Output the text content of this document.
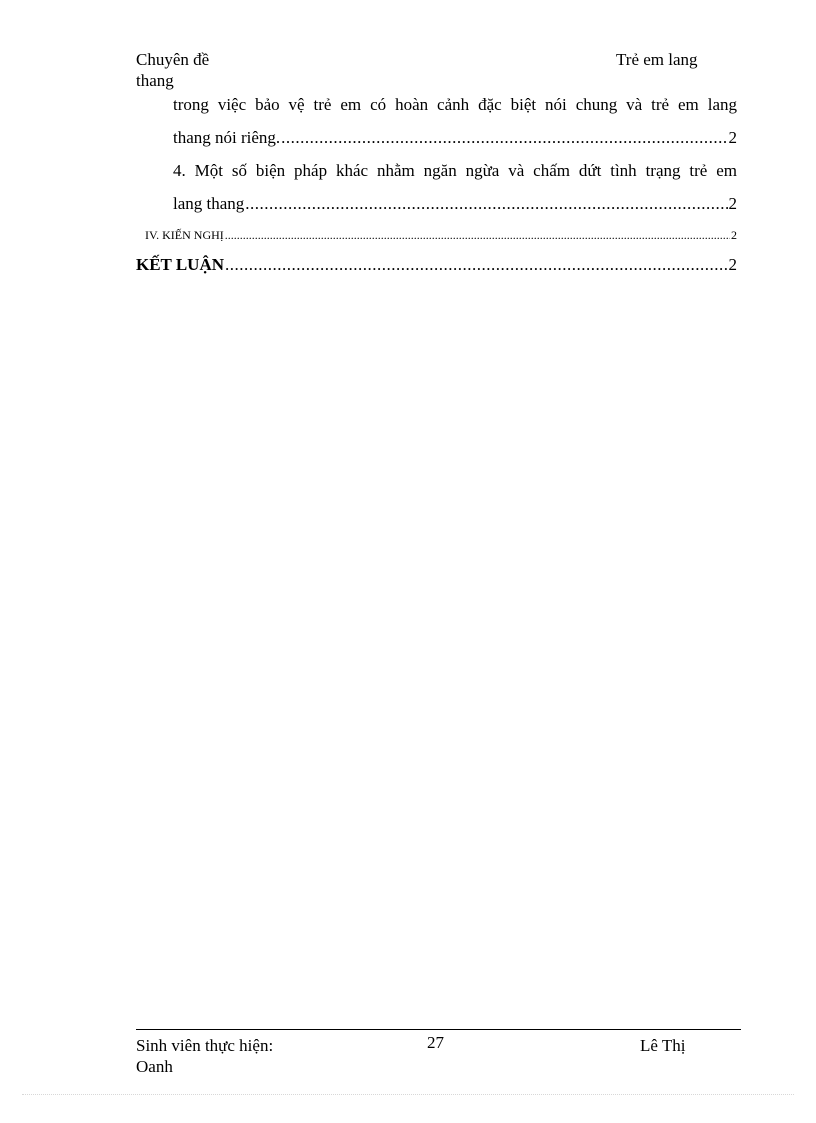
Chuyên đề	Trẻ em lang
thang
trong việc bảo vệ trẻ em có hoàn cảnh đặc biệt nói chung và trẻ em lang
thang nói riêng. .....	2
4. Một số biện pháp khác nhằm ngăn ngừa và chấm dứt tình trạng trẻ em
lang thang .....	2
IV. KIẾN NGHỊ .....	2
KẾT LUẬN .....	2
Sinh viên thực hiện:	27	Lê Thị
Oanh
